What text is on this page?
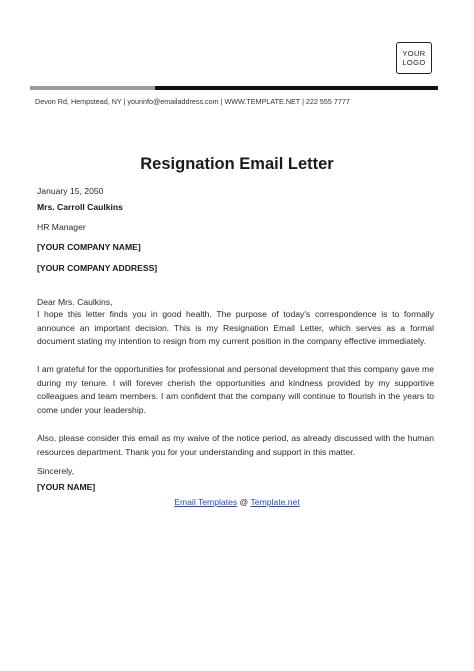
YOUR
LOGO
Devon Rd, Hempstead, NY | yourinfo@emailaddress.com | WWW.TEMPLATE.NET | 222 555 7777
Resignation Email Letter
January 15, 2050
Mrs. Carroll Caulkins
HR Manager
[YOUR COMPANY NAME]
[YOUR COMPANY ADDRESS]
Dear Mrs. Caulkins,
I hope this letter finds you in good health. The purpose of today's correspondence is to formally announce an important decision. This is my Resignation Email Letter, which serves as a formal document stating my intention to resign from my current position in the company effective immediately.
I am grateful for the opportunities for professional and personal development that this company gave me during my tenure. I will forever cherish the opportunities and kindness provided by my supportive colleagues and team members. I am confident that the company will continue to flourish in the years to come under your leadership.
Also, please consider this email as my waive of the notice period, as already discussed with the human resources department. Thank you for your understanding and support in this matter.
Sincerely,
[YOUR NAME]
Email Templates @ Template.net
